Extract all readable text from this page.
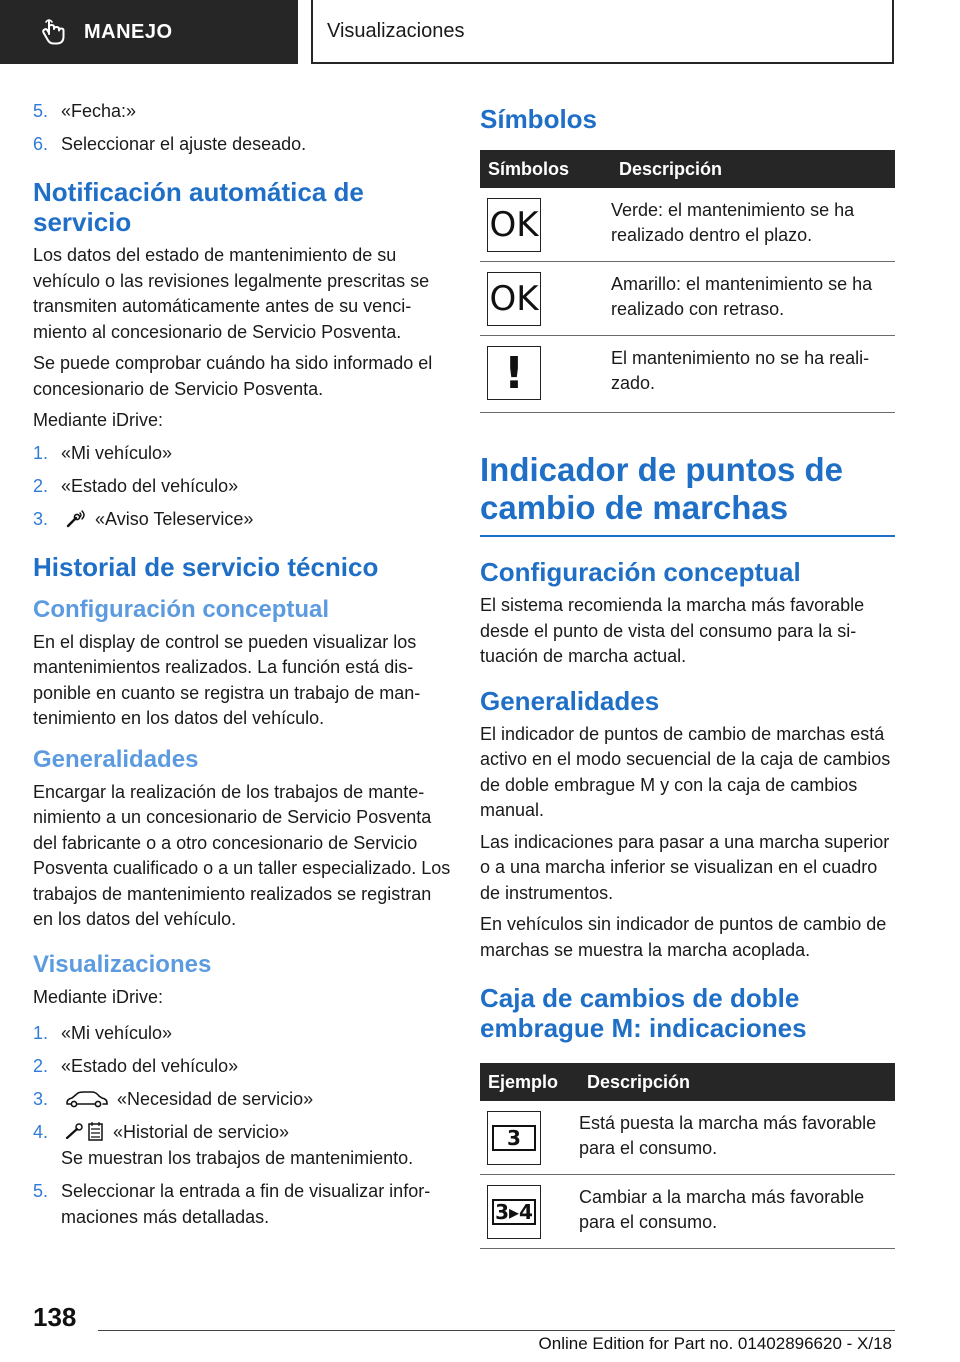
MANEJO	Visualizaciones
5. «Fecha:»
6. Seleccionar el ajuste deseado.
Notificación automática de servicio
Los datos del estado de mantenimiento de su vehículo o las revisiones legalmente prescritas se transmiten automáticamente antes de su vencimiento al concesionario de Servicio Posventa.
Se puede comprobar cuándo ha sido informado el concesionario de Servicio Posventa.
Mediante iDrive:
1. «Mi vehículo»
2. «Estado del vehículo»
3.	«Aviso Teleservice»
Historial de servicio técnico
Configuración conceptual
En el display de control se pueden visualizar los mantenimientos realizados. La función está disponible en cuanto se registra un trabajo de mantenimiento en los datos del vehículo.
Generalidades
Encargar la realización de los trabajos de mantenimiento a un concesionario de Servicio Posventa del fabricante o a otro concesionario de Servicio Posventa cualificado o a un taller especializado. Los trabajos de mantenimiento realizados se registran en los datos del vehículo.
Visualizaciones
Mediante iDrive:
1. «Mi vehículo»
2. «Estado del vehículo»
3.	«Necesidad de servicio»
4.	«Historial de servicio»
Se muestran los trabajos de mantenimiento.
5. Seleccionar la entrada a fin de visualizar informaciones más detalladas.
Símbolos
Símbolos	Descripción

OK	Verde: el mantenimiento se ha realizado dentro el plazo.

OK	Amarillo: el mantenimiento se ha realizado con retraso.

!	El mantenimiento no se ha realizado.
Indicador de puntos de cambio de marchas
Configuración conceptual
El sistema recomienda la marcha más favorable desde el punto de vista del consumo para la situación de marcha actual.
Generalidades
El indicador de puntos de cambio de marchas está activo en el modo secuencial de la caja de cambios de doble embrague M y con la caja de cambios manual.
Las indicaciones para pasar a una marcha superior o a una marcha inferior se visualizan en el cuadro de instrumentos.
En vehículos sin indicador de puntos de cambio de marchas se muestra la marcha acoplada.
Caja de cambios de doble embrague M: indicaciones
Ejemplo	Descripción

3	Está puesta la marcha más favorable para el consumo.

3▸4	Cambiar a la marcha más favorable para el consumo.
138
Online Edition for Part no. 01402896620 - X/18
